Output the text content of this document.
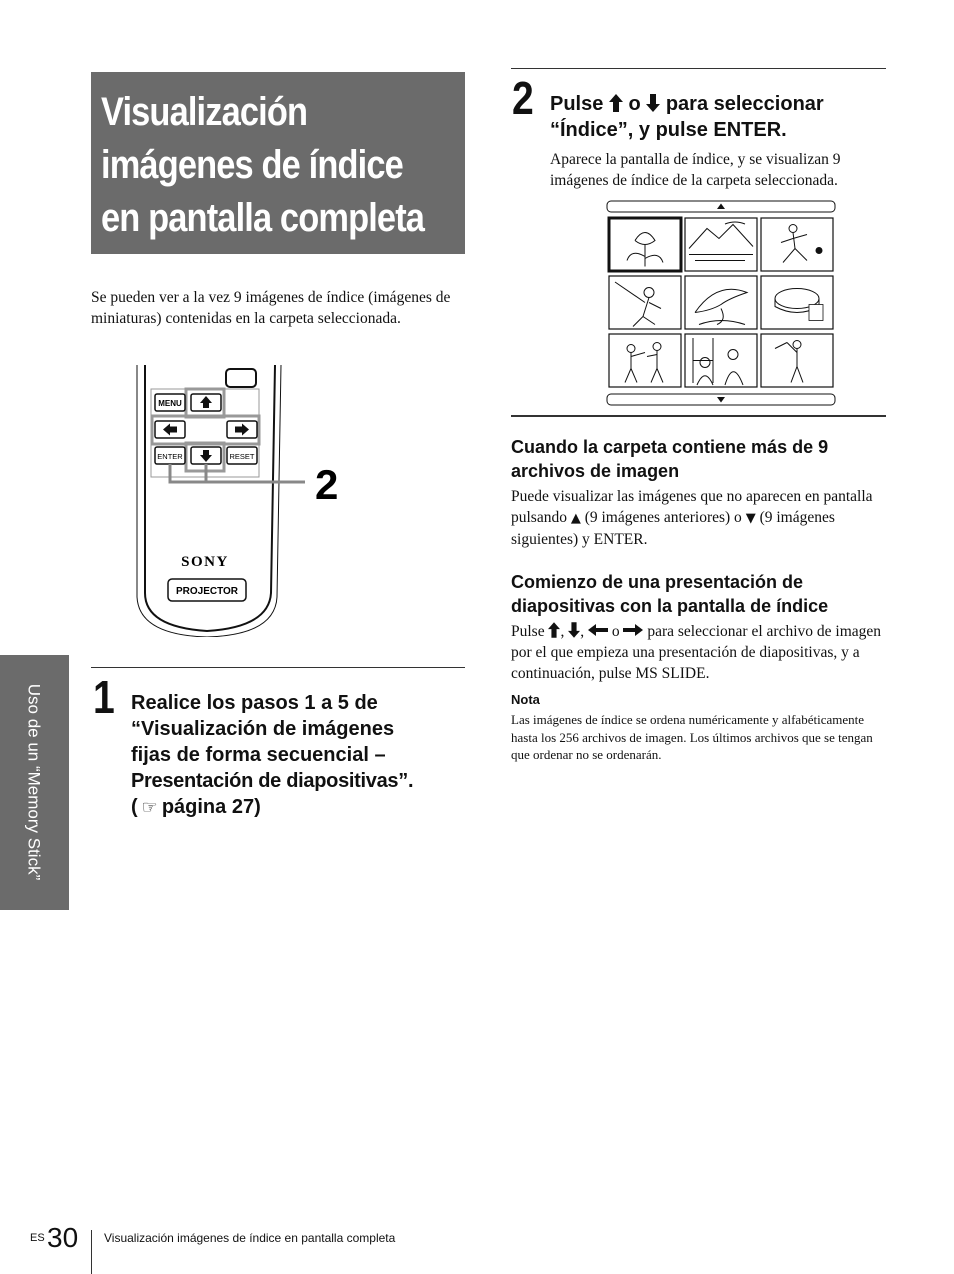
Visualización
imágenes de índice
en pantalla completa
Se pueden ver a la vez 9 imágenes de índice (imágenes de miniaturas) contenidas en la carpeta seleccionada.
MENU
ENTER	RESET
2
SONY
PROJECTOR
1 Realice los pasos 1 a 5 de
“Visualización de imágenes
fijas de forma secuencial –
Presentación de diapositivas”.
( ☞ página 27)
2 Pulse o para seleccionar
“Índice”, y pulse ENTER.
Aparece la pantalla de índice, y se visualizan 9 imágenes de índice de la carpeta seleccionada.
Cuando la carpeta contiene más de 9 archivos de imagen
Puede visualizar las imágenes que no aparecen en pantalla pulsando ▲ (9 imágenes anteriores) o ▼ (9 imágenes siguientes) y ENTER.
Comienzo de una presentación de diapositivas con la pantalla de índice
Pulse , ,  o para seleccionar el archivo de imagen por el que empieza una presentación de diapositivas, y a continuación, pulse MS SLIDE.
Nota
Las imágenes de índice se ordena numéricamente y alfabéticamente hasta los 256 archivos de imagen. Los últimos archivos que se tengan que ordenar no se ordenarán.
Uso de un “Memory Stick”
ES 30 Visualización imágenes de índice en pantalla completa
